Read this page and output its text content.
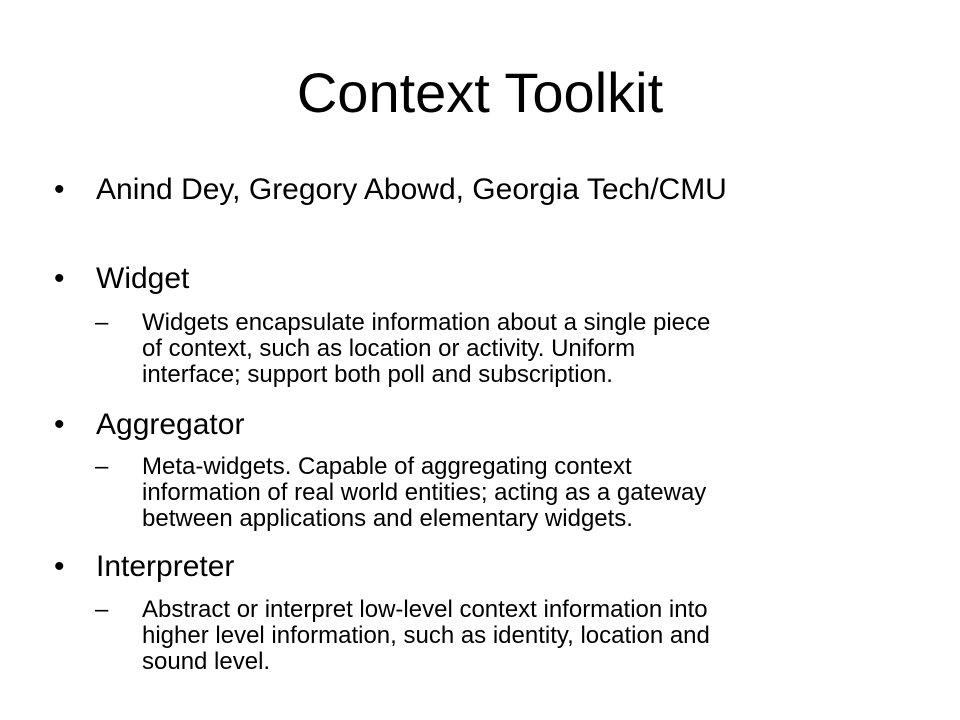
Context Toolkit
• Anind Dey, Gregory Abowd, Georgia Tech/CMU
• Widget
– Widgets encapsulate information about a single piece
of context, such as location or activity. Uniform
interface; support both poll and subscription.
• Aggregator
– Meta-widgets. Capable of aggregating context
information of real world entities; acting as a gateway
between applications and elementary widgets.
• Interpreter
– Abstract or interpret low-level context information into
higher level information, such as identity, location and
sound level.
